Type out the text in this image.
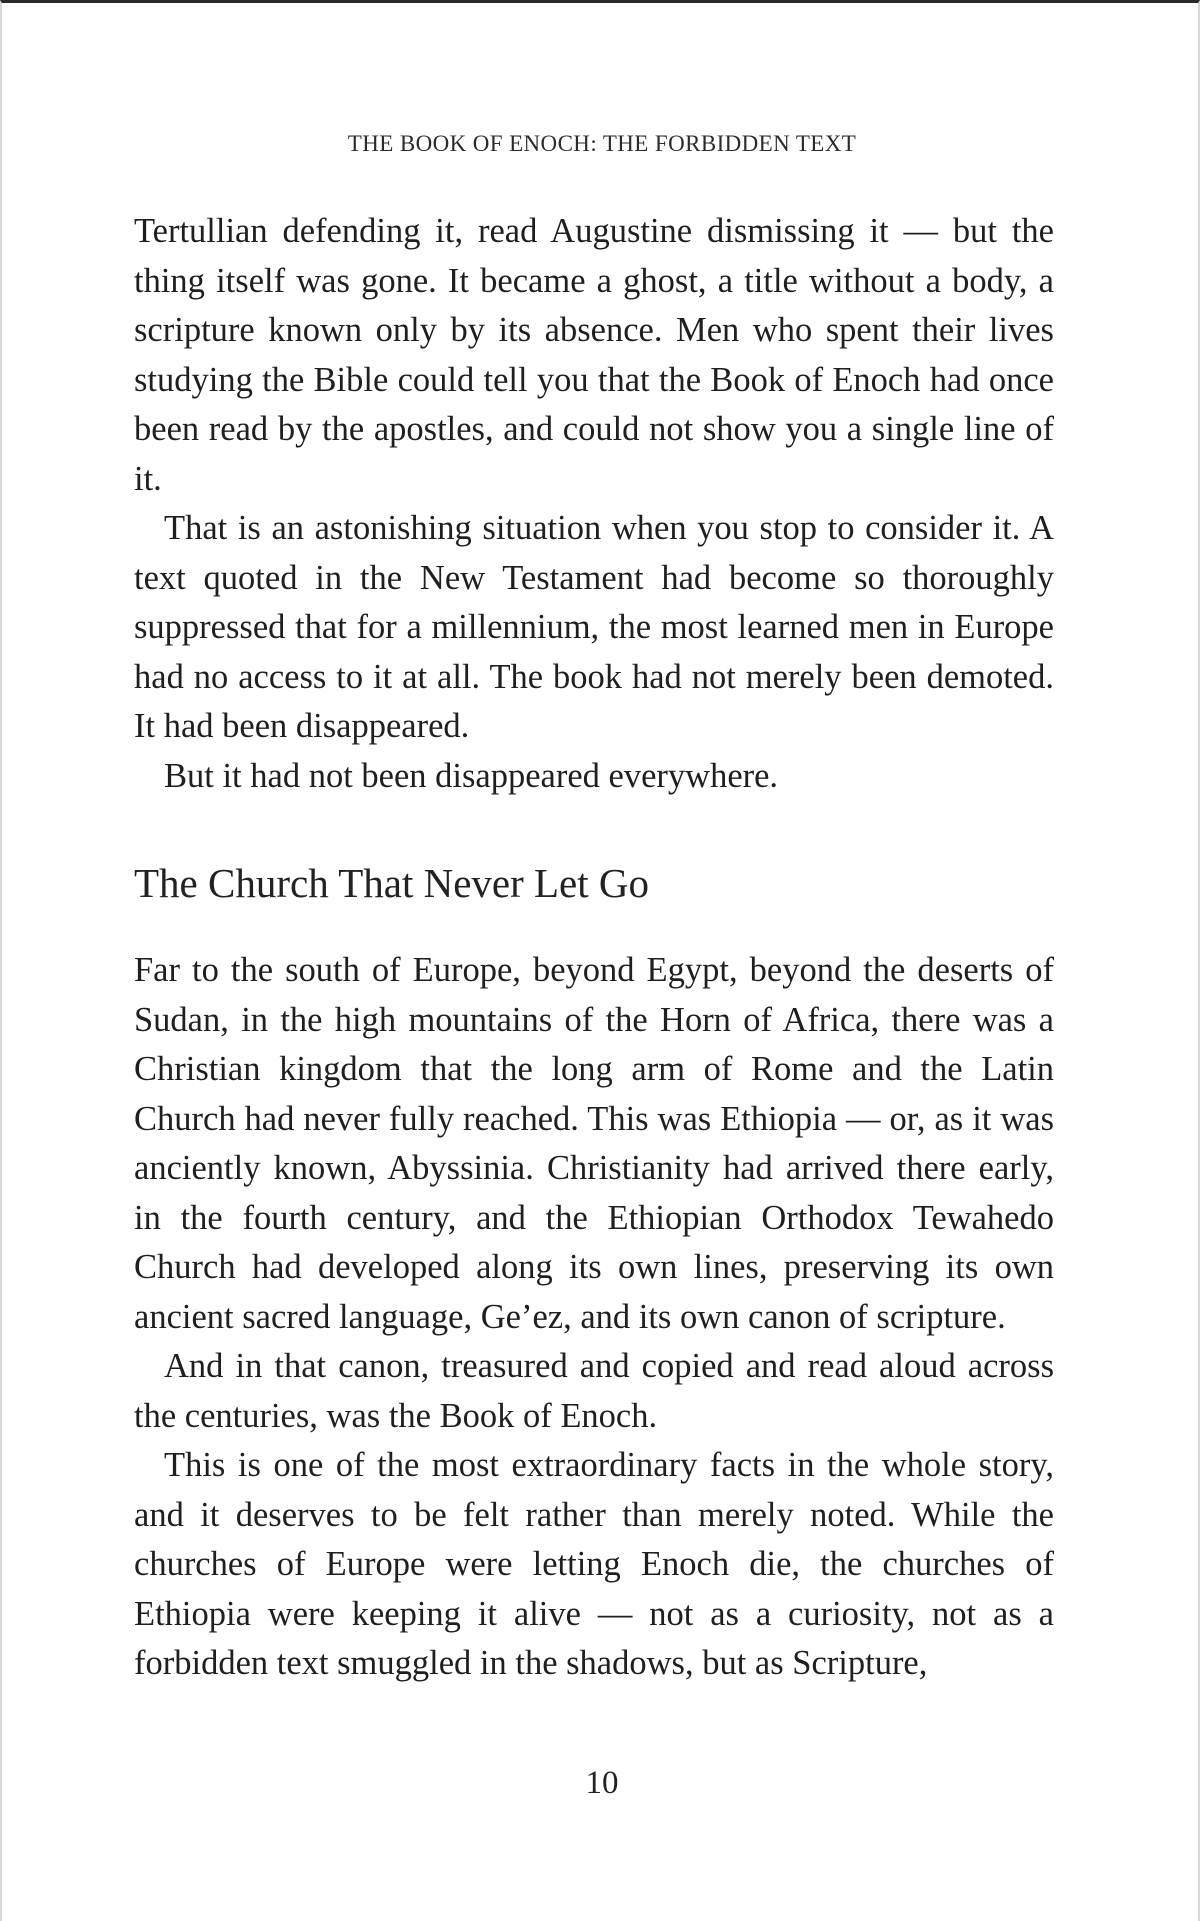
THE BOOK OF ENOCH: THE FORBIDDEN TEXT

Tertullian defending it, read Augustine dismissing it — but the thing itself was gone. It became a ghost, a title without a body, a scripture known only by its absence. Men who spent their lives studying the Bible could tell you that the Book of Enoch had once been read by the apostles, and could not show you a single line of it.

That is an astonishing situation when you stop to consider it. A text quoted in the New Testament had become so thoroughly suppressed that for a millennium, the most learned men in Europe had no access to it at all. The book had not merely been demoted. It had been disappeared.

But it had not been disappeared everywhere.

The Church That Never Let Go

Far to the south of Europe, beyond Egypt, beyond the deserts of Sudan, in the high mountains of the Horn of Africa, there was a Christian kingdom that the long arm of Rome and the Latin Church had never fully reached. This was Ethiopia — or, as it was anciently known, Abyssinia. Christianity had arrived there early, in the fourth century, and the Ethiopian Orthodox Tewahedo Church had developed along its own lines, preserving its own ancient sacred language, Ge’ez, and its own canon of scripture.

And in that canon, treasured and copied and read aloud across the centuries, was the Book of Enoch.

This is one of the most extraordinary facts in the whole story, and it deserves to be felt rather than merely noted. While the churches of Europe were letting Enoch die, the churches of Ethiopia were keeping it alive — not as a curiosity, not as a forbidden text smuggled in the shadows, but as Scripture,

10
